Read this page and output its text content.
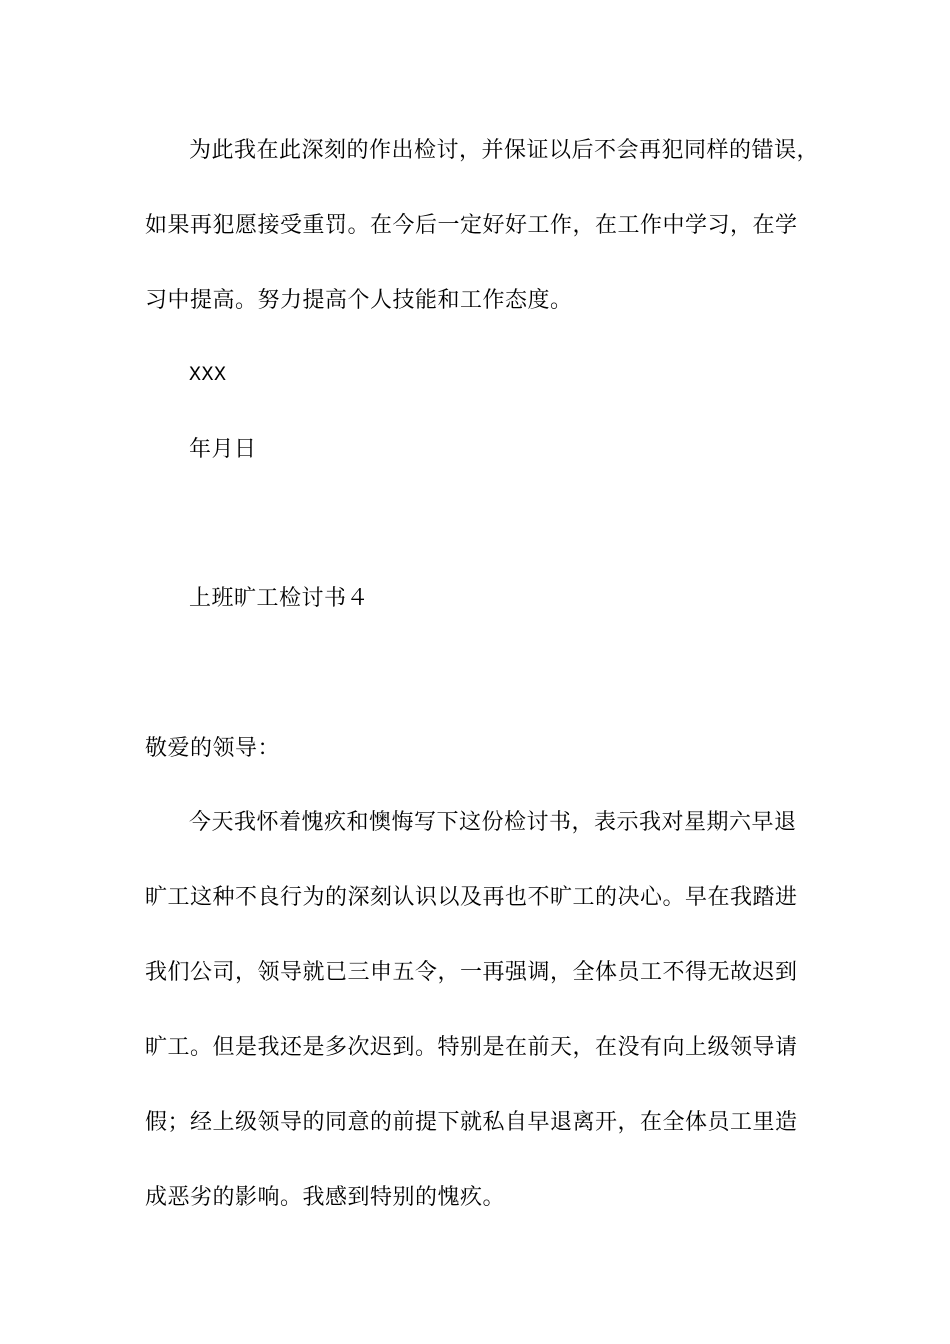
为此我在此深刻的作出检讨，并保证以后不会再犯同样的错误，
如果再犯愿接受重罚。在今后一定好好工作，在工作中学习，在学
习中提高。努力提高个人技能和工作态度。
XXX
年月日
上班旷工检讨书４
敬爱的领导：
今天我怀着愧疚和懊悔写下这份检讨书，表示我对星期六早退
旷工这种不良行为的深刻认识以及再也不旷工的决心。早在我踏进
我们公司，领导就已三申五令，一再强调，全体员工不得无故迟到
旷工。但是我还是多次迟到。特别是在前天，在没有向上级领导请
假；经上级领导的同意的前提下就私自早退离开，在全体员工里造
成恶劣的影响。我感到特别的愧疚。
